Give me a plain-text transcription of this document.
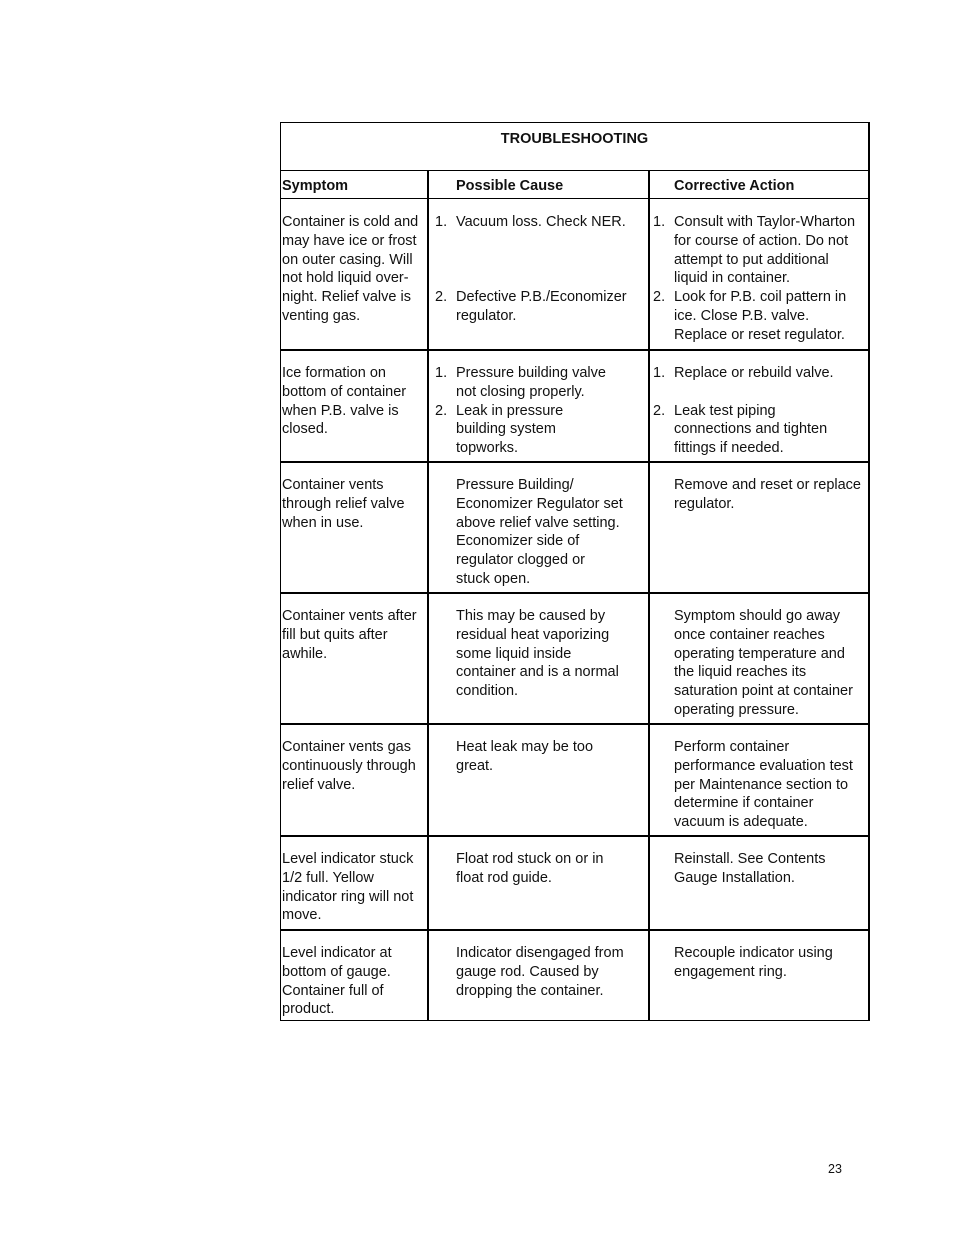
TROUBLESHOOTING
Symptom	Possible Cause	Corrective Action
Container is cold and
may have ice or frost
on outer casing. Will
not hold liquid over-
night. Relief valve is
venting gas.
1. Vacuum loss. Check NER.
2. Defective P.B./Economizer
regulator.
1. Consult with Taylor-Wharton
for course of action. Do not
attempt to put additional
liquid in container.
2. Look for P.B. coil pattern in
ice. Close P.B. valve.
Replace or reset regulator.
Ice formation on
bottom of container
when P.B. valve is
closed.
1. Pressure building valve
not closing properly.
2. Leak in pressure
building system
topworks.
1. Replace or rebuild valve.
2. Leak test piping
connections and tighten
fittings if needed.
Container vents
through relief valve
when in use.
Pressure Building/
Economizer Regulator set
above relief valve setting.
Economizer side of
regulator clogged or
stuck open.
Remove and reset or replace
regulator.
Container vents after
fill but quits after
awhile.
This may be caused by
residual heat vaporizing
some liquid inside
container and is a normal
condition.
Symptom should go away
once container reaches
operating temperature and
the liquid reaches its
saturation point at container
operating pressure.
Container vents gas
continuously through
relief valve.
Heat leak may be too
great.
Perform container
performance evaluation test
per Maintenance section to
determine if container
vacuum is adequate.
Level indicator stuck
1/2 full. Yellow
indicator ring will not
move.
Float rod stuck on or in
float rod guide.
Reinstall. See Contents
Gauge Installation.
Level indicator at
bottom of gauge.
Container full of
product.
Indicator disengaged from
gauge rod. Caused by
dropping the container.
Recouple indicator using
engagement ring.
23
